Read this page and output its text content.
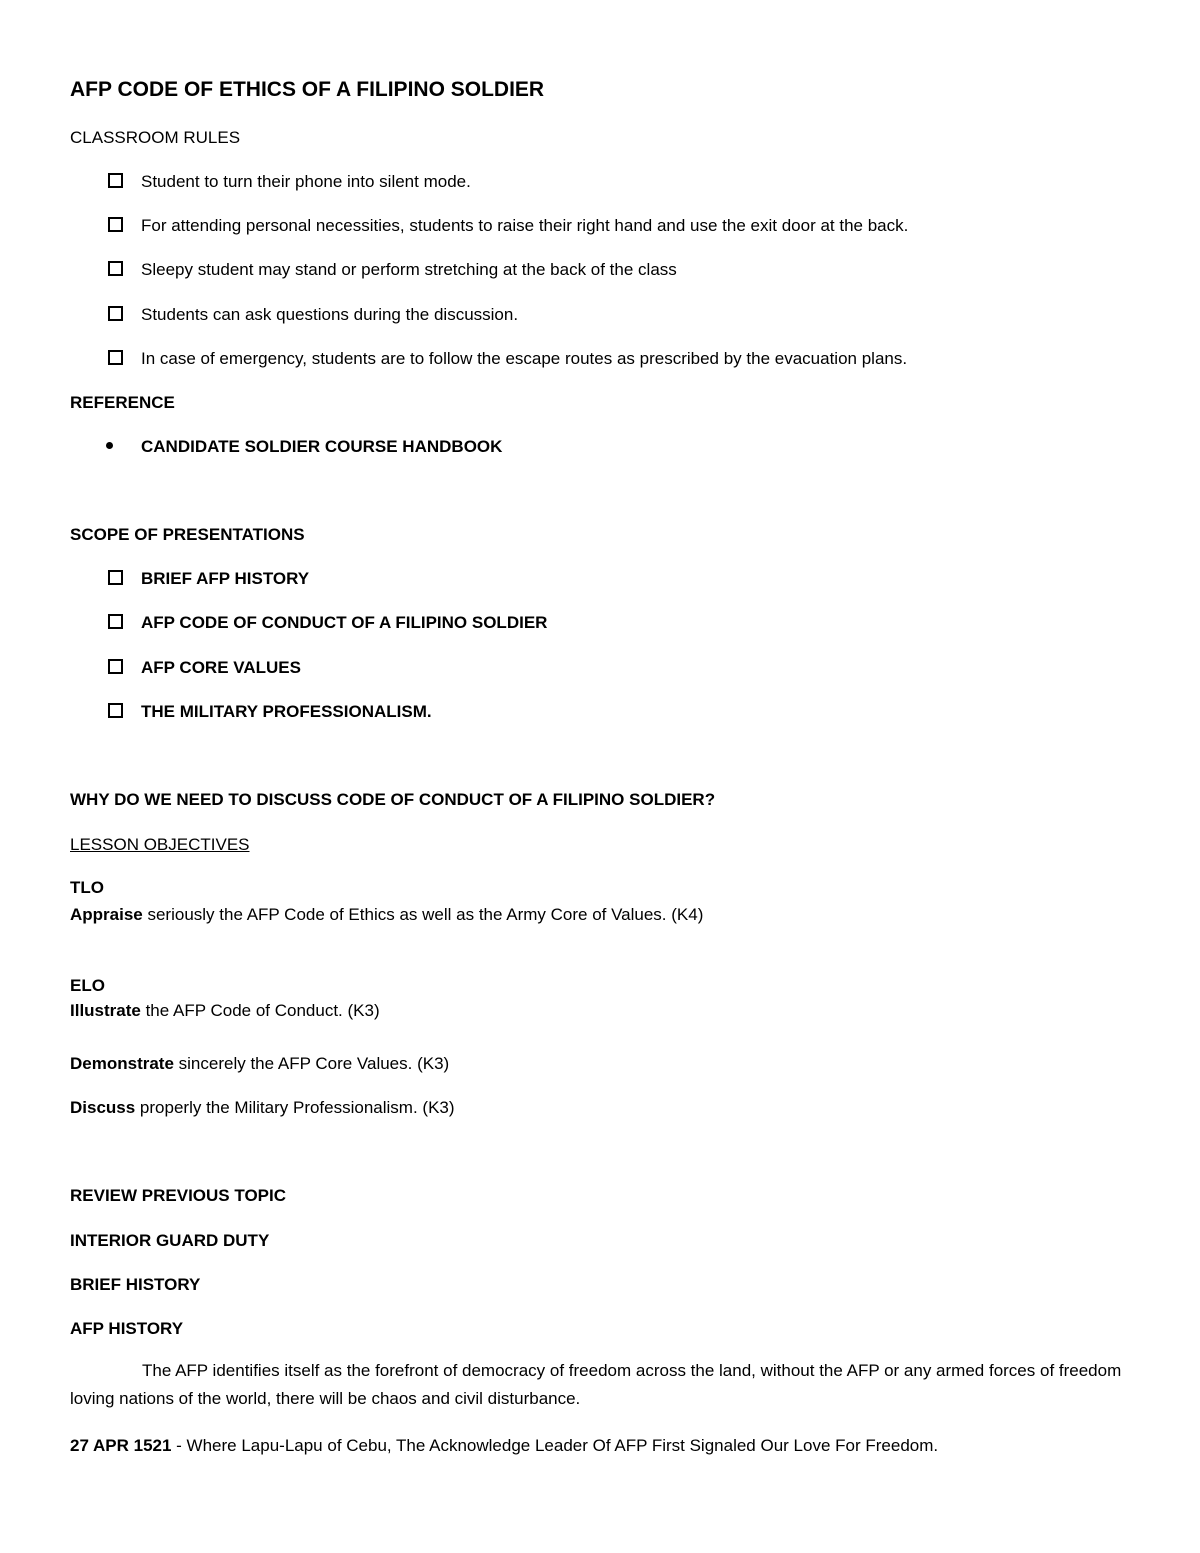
AFP CODE OF ETHICS OF A FILIPINO SOLDIER
CLASSROOM RULES
Student to turn their phone into silent mode.
For attending personal necessities, students to raise their right hand and use the exit door at the back.
Sleepy student may stand or perform stretching at the back of the class
Students can ask questions during the discussion.
In case of emergency, students are to follow the escape routes as prescribed by the evacuation plans.
REFERENCE
CANDIDATE SOLDIER COURSE HANDBOOK
SCOPE OF PRESENTATIONS
BRIEF AFP HISTORY
AFP CODE OF CONDUCT OF A FILIPINO SOLDIER
AFP CORE VALUES
THE MILITARY PROFESSIONALISM.
WHY DO WE NEED TO DISCUSS CODE OF CONDUCT OF A FILIPINO SOLDIER?
LESSON OBJECTIVES
TLO
Appraise seriously the AFP Code of Ethics as well as the Army Core of Values. (K4)
ELO
Illustrate the AFP Code of Conduct. (K3)
Demonstrate sincerely the AFP Core Values. (K3)
Discuss properly the Military Professionalism. (K3)
REVIEW PREVIOUS TOPIC
INTERIOR GUARD DUTY
BRIEF HISTORY
AFP HISTORY
The AFP identifies itself as the forefront of democracy of freedom across the land, without the AFP or any armed forces of freedom loving nations of the world, there will be chaos and civil disturbance.
27 APR 1521 - Where Lapu-Lapu of Cebu, The Acknowledge Leader Of AFP First Signaled Our Love For Freedom.
